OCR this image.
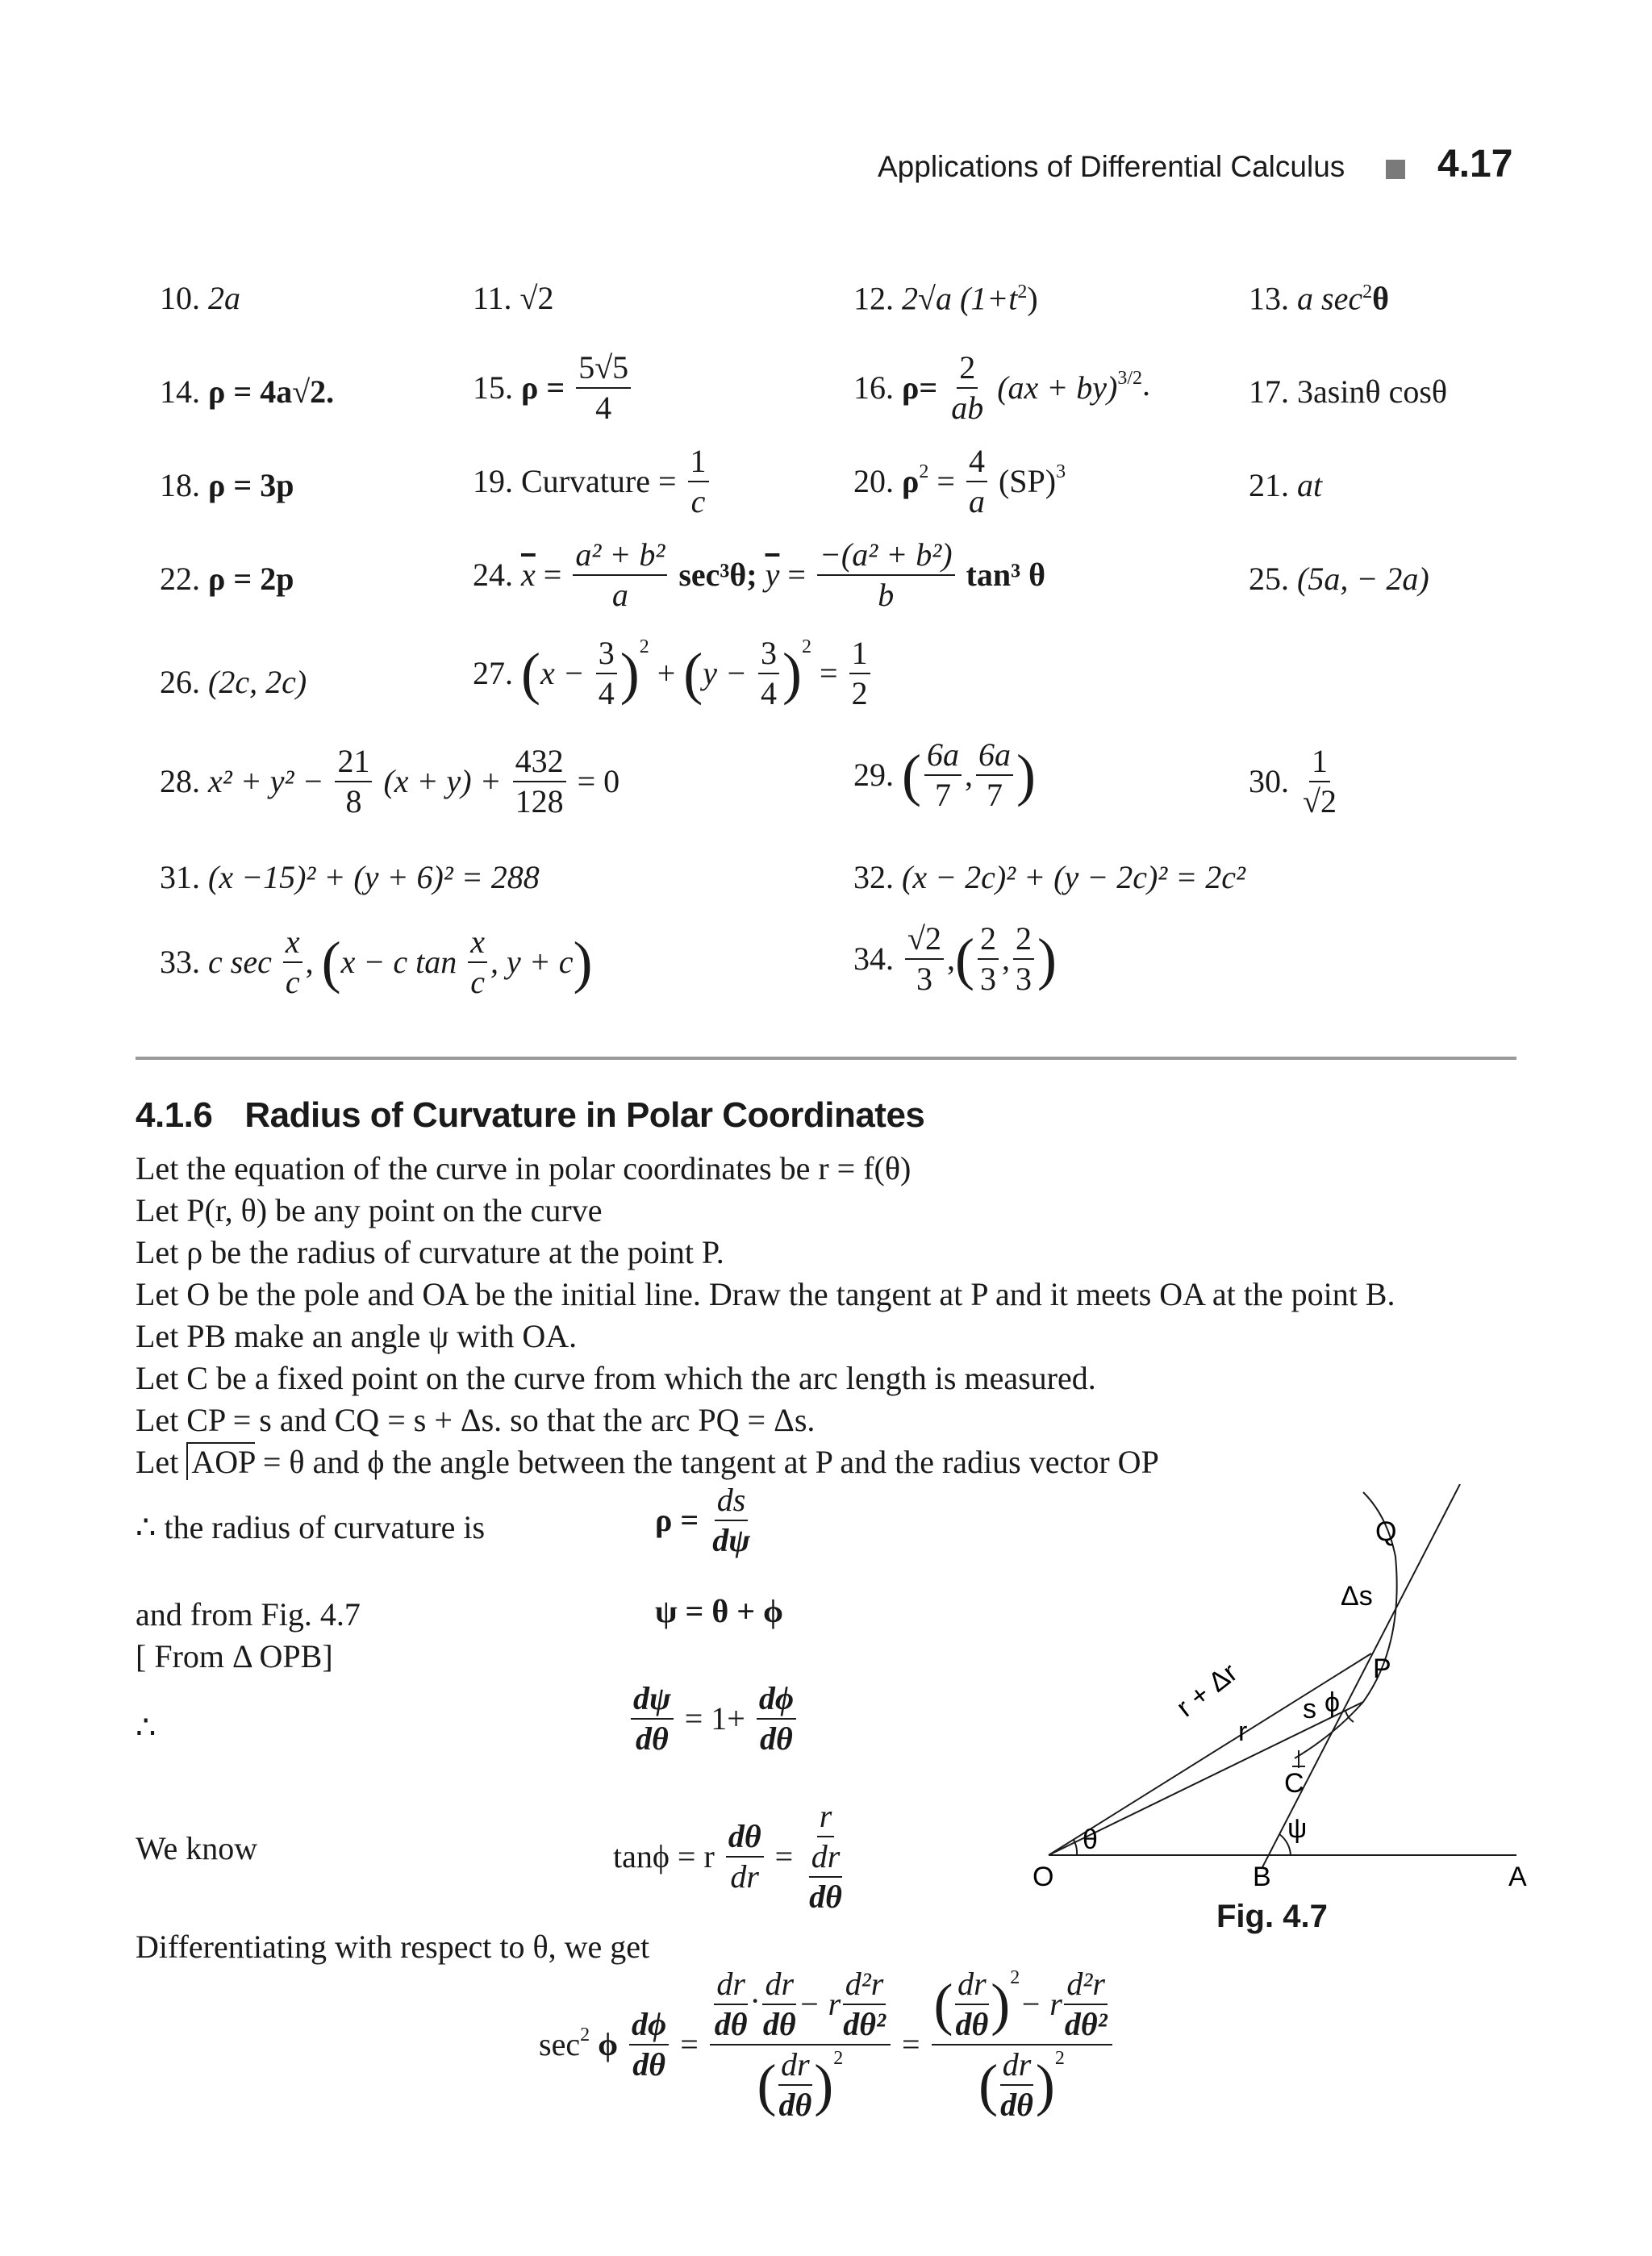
Applications of Differential Calculus 4.17
10. 2a	11. √2	12. 2√a $(1+t^2)$	13. a $\sec^2\theta$
14. ρ = 4a√2.	15. $\rho = \frac{5√5}{4}$	16. $\rho= \frac{2}{ab} (ax + by)^{3/2}$.	17. 3asinθ cosθ
18. ρ = 3p	19. Curvature = $\frac{1}{c}$	20. $\rho^2 = \frac{4}{a} (SP)^3$	21. at
22. ρ = 2p	24. $\overline{x} = \frac{\text{a² + b²}}{a} \sec^3\theta$; $\overline{y} = \frac{\text{−(a² + b²)}}{b} \tan^3$ θ	25. (5a, − 2a)
26. (2c, 2c)	27. $(x - \frac{3}{4} )^2 + (y - \frac{3}{4} )^2 = \frac{1}{2}$
28. $x^2 + y^2 - \frac{21}{8} (x + y) + \frac{432}{128} = 0$	29. ( $\frac{6a}{7}$ , $\frac{6a}{7}$ )	30. $\frac{1}{√2}$
31. (x −15)² + (y + 6)² = 288	32. (x − 2c)² + (y − 2c)² = 2c²
33. c $\sec \frac{x}{c}$ , (x − c $\tan \frac{x}{c}$ , y + c)	34. $\frac{√2}{3}$ ,( $\frac{2}{3}$ , $\frac{2}{3}$ )
4.1.6 Radius of Curvature in Polar Coordinates
Let the equation of the curve in polar coordinates be r = f(θ)
Let P(r, θ) be any point on the curve
Let ρ be the radius of curvature at the point P.
Let O be the pole and OA be the initial line. Draw the tangent at P and it meets OA at the point B.
Let PB make an angle ψ with OA.
Let C be a fixed point on the curve from which the arc length is measured.
Let CP = s and CQ = s + Δs. so that the arc PQ = Δs.
Let AOP = θ and ϕ the angle between the tangent at P and the radius vector OP
∴ the radius of curvature is	$\rho = \frac{ds}{d\psi}$
and from Fig. 4.7	ψ = θ + ϕ
[ From Δ OPB]
∴	$\frac{d\psi}{d\theta} = 1+ \frac{d\phi}{d\theta}$
We know	tanϕ = r $\frac{d\theta}{dr} = \frac{r}{\frac{dr}{d\theta}}$
Differentiating with respect to θ, we get
$\sec^2 \phi \frac{d\phi}{d\theta} = \frac{\frac{dr}{d\theta} \cdot \frac{dr}{d\theta} - r \frac{\text{d²r}}{\text{dθ²}}}{( \frac{dr}{d\theta} )^2} = \frac{( \frac{dr}{d\theta} )^2- r \frac{\text{d²r}}{\text{dθ²}}}{( \frac{dr}{d\theta} )^2}$
O	B	A
P
Q
C
θ	ψ
Δs
r + Δr
r
s ϕ
Fig. 4.7
